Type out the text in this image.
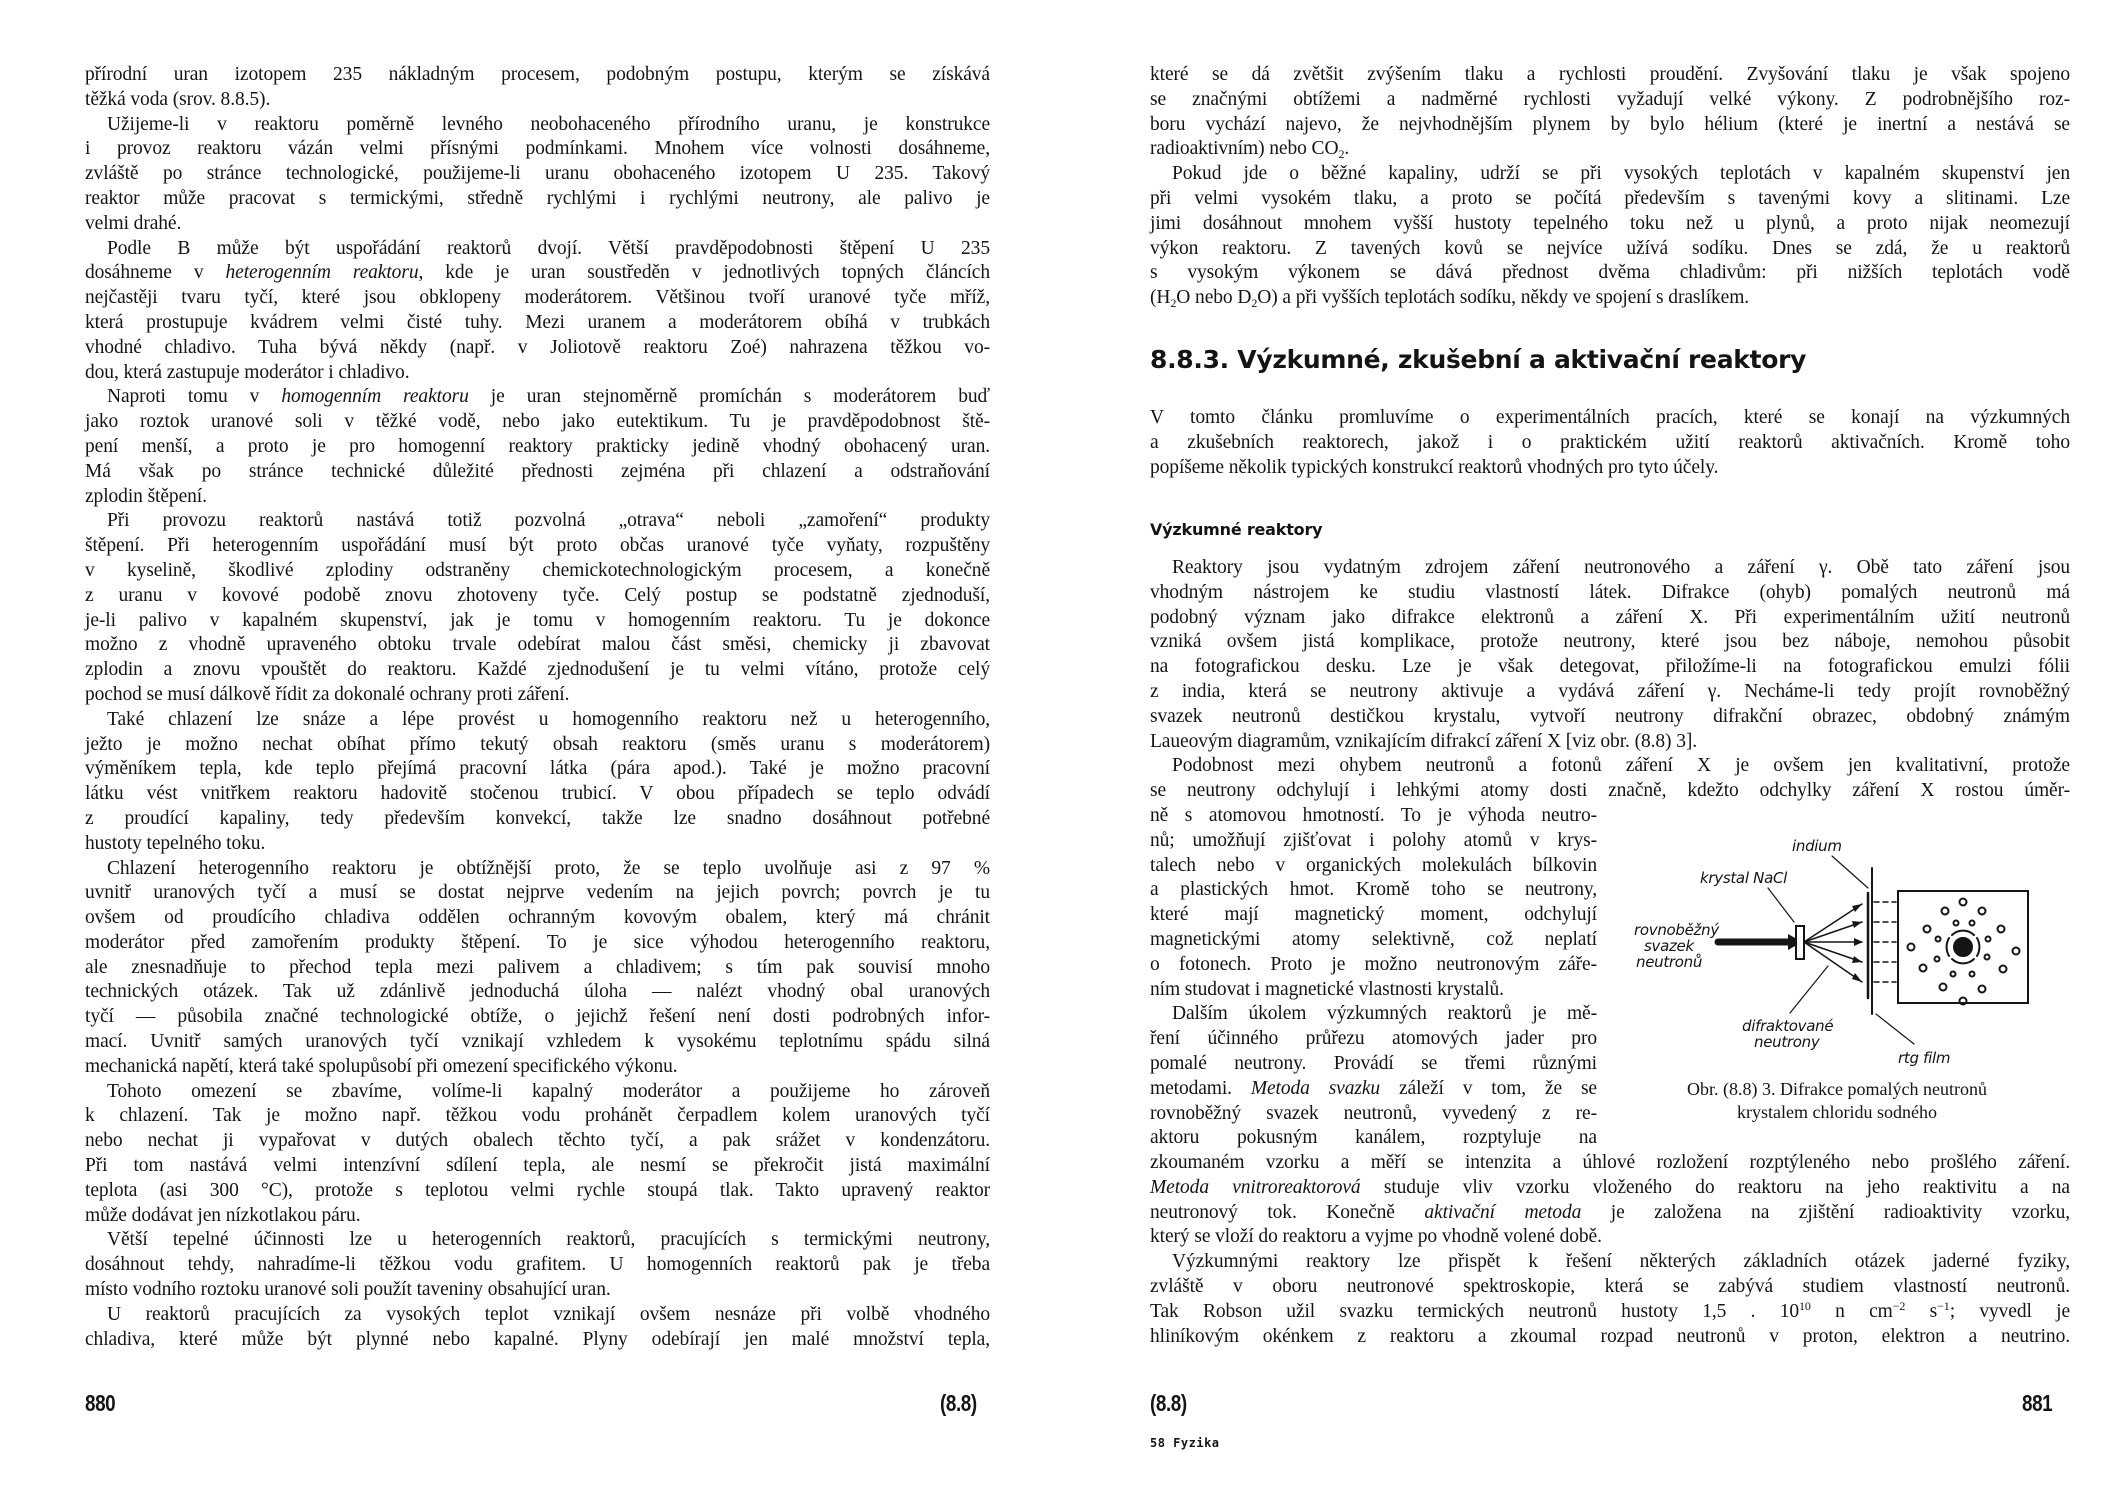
přírodní uran izotopem 235 nákladným procesem, podobným postupu, kterým se získává
těžká voda (srov. 8.8.5).
Užijeme-li v reaktoru poměrně levného neobohaceného přírodního uranu, je konstrukce
i provoz reaktoru vázán velmi přísnými podmínkami. Mnohem více volnosti dosáhneme,
zvláště po stránce technologické, použijeme-li uranu obohaceného izotopem U 235. Takový
reaktor může pracovat s termickými, středně rychlými i rychlými neutrony, ale palivo je
velmi drahé.
Podle B může být uspořádání reaktorů dvojí. Větší pravděpodobnosti štěpení U 235
dosáhneme v heterogenním reaktoru, kde je uran soustředěn v jednotlivých topných článcích
nejčastěji tvaru tyčí, které jsou obklopeny moderátorem. Většinou tvoří uranové tyče mříž,
která prostupuje kvádrem velmi čisté tuhy. Mezi uranem a moderátorem obíhá v trubkách
vhodné chladivo. Tuha bývá někdy (např. v Joliotově reaktoru Zoé) nahrazena těžkou vo-
dou, která zastupuje moderátor i chladivo.
Naproti tomu v homogenním reaktoru je uran stejnoměrně promíchán s moderátorem buď
jako roztok uranové soli v těžké vodě, nebo jako eutektikum. Tu je pravděpodobnost ště-
pení menší, a proto je pro homogenní reaktory prakticky jedině vhodný obohacený uran.
Má však po stránce technické důležité přednosti zejména při chlazení a odstraňování
zplodin štěpení.
Při provozu reaktorů nastává totiž pozvolná „otrava“ neboli „zamoření“ produkty
štěpení. Při heterogenním uspořádání musí být proto občas uranové tyče vyňaty, rozpuštěny
v kyselině, škodlivé zplodiny odstraněny chemickotechnologickým procesem, a konečně
z uranu v kovové podobě znovu zhotoveny tyče. Celý postup se podstatně zjednoduší,
je-li palivo v kapalném skupenství, jak je tomu v homogenním reaktoru. Tu je dokonce
možno z vhodně upraveného obtoku trvale odebírat malou část směsi, chemicky ji zbavovat
zplodin a znovu vpouštět do reaktoru. Každé zjednodušení je tu velmi vítáno, protože celý
pochod se musí dálkově řídit za dokonalé ochrany proti záření.
Také chlazení lze snáze a lépe provést u homogenního reaktoru než u heterogenního,
ježto je možno nechat obíhat přímo tekutý obsah reaktoru (směs uranu s moderátorem)
výměníkem tepla, kde teplo přejímá pracovní látka (pára apod.). Také je možno pracovní
látku vést vnitřkem reaktoru hadovitě stočenou trubicí. V obou případech se teplo odvádí
z proudící kapaliny, tedy především konvekcí, takže lze snadno dosáhnout potřebné
hustoty tepelného toku.
Chlazení heterogenního reaktoru je obtížnější proto, že se teplo uvolňuje asi z 97 %
uvnitř uranových tyčí a musí se dostat nejprve vedením na jejich povrch; povrch je tu
ovšem od proudícího chladiva oddělen ochranným kovovým obalem, který má chránit
moderátor před zamořením produkty štěpení. To je sice výhodou heterogenního reaktoru,
ale znesnadňuje to přechod tepla mezi palivem a chladivem; s tím pak souvisí mnoho
technických otázek. Tak už zdánlivě jednoduchá úloha — nalézt vhodný obal uranových
tyčí — působila značné technologické obtíže, o jejichž řešení není dosti podrobných infor-
mací. Uvnitř samých uranových tyčí vznikají vzhledem k vysokému teplotnímu spádu silná
mechanická napětí, která také spolupůsobí při omezení specifického výkonu.
Tohoto omezení se zbavíme, volíme-li kapalný moderátor a použijeme ho zároveň
k chlazení. Tak je možno např. těžkou vodu prohánět čerpadlem kolem uranových tyčí
nebo nechat ji vypařovat v dutých obalech těchto tyčí, a pak srážet v kondenzátoru.
Při tom nastává velmi intenzívní sdílení tepla, ale nesmí se překročit jistá maximální
teplota (asi 300 °C), protože s teplotou velmi rychle stoupá tlak. Takto upravený reaktor
může dodávat jen nízkotlakou páru.
Větší tepelné účinnosti lze u heterogenních reaktorů, pracujících s termickými neutrony,
dosáhnout tehdy, nahradíme-li těžkou vodu grafitem. U homogenních reaktorů pak je třeba
místo vodního roztoku uranové soli použít taveniny obsahující uran.
U reaktorů pracujících za vysokých teplot vznikají ovšem nesnáze při volbě vhodného
chladiva, které může být plynné nebo kapalné. Plyny odebírají jen malé množství tepla,
880	(8.8)
které se dá zvětšit zvýšením tlaku a rychlosti proudění. Zvyšování tlaku je však spojeno
se značnými obtížemi a nadměrné rychlosti vyžadují velké výkony. Z podrobnějšího roz-
boru vychází najevo, že nejvhodnějším plynem by bylo hélium (které je inertní a nestává se
radioaktivním) nebo $CO_2$.
Pokud jde o běžné kapaliny, udrží se při vysokých teplotách v kapalném skupenství jen
při velmi vysokém tlaku, a proto se počítá především s tavenými kovy a slitinami. Lze
jimi dosáhnout mnohem vyšší hustoty tepelného toku než u plynů, a proto nijak neomezují
výkon reaktoru. Z tavených kovů se nejvíce užívá sodíku. Dnes se zdá, že u reaktorů
s vysokým výkonem se dává přednost dvěma chladivům: při nižších teplotách vodě
($H_2O$ nebo $D_2O$) a při vyšších teplotách sodíku, někdy ve spojení s draslíkem.
8.8.3. Výzkumné, zkušební a aktivační reaktory
V tomto článku promluvíme o experimentálních pracích, které se konají na výzkumných
a zkušebních reaktorech, jakož i o praktickém užití reaktorů aktivačních. Kromě toho
popíšeme několik typických konstrukcí reaktorů vhodných pro tyto účely.
Výzkumné reaktory
Reaktory jsou vydatným zdrojem záření neutronového a záření γ. Obě tato záření jsou
vhodným nástrojem ke studiu vlastností látek. Difrakce (ohyb) pomalých neutronů má
podobný význam jako difrakce elektronů a záření X. Při experimentálním užití neutronů
vzniká ovšem jistá komplikace, protože neutrony, které jsou bez náboje, nemohou působit
na fotografickou desku. Lze je však detegovat, přiložíme-li na fotografickou emulzi fólii
z india, která se neutrony aktivuje a vydává záření γ. Necháme-li tedy projít rovnoběžný
svazek neutronů destičkou krystalu, vytvoří neutrony difrakční obrazec, obdobný známým
Laueovým diagramům, vznikajícím difrakcí záření X [viz obr. (8.8) 3].
Podobnost mezi ohybem neutronů a fotonů záření X je ovšem jen kvalitativní, protože
se neutrony odchylují i lehkými atomy dosti značně, kdežto odchylky záření X rostou úměr-
ně s atomovou hmotností. To je výhoda neutro-
nů; umožňují zjišťovat i polohy atomů v krys-
talech nebo v organických molekulách bílkovin
a plastických hmot. Kromě toho se neutrony,
které mají magnetický moment, odchylují
magnetickými atomy selektivně, což neplatí
o fotonech. Proto je možno neutronovým záře-
ním studovat i magnetické vlastnosti krystalů.
Dalším úkolem výzkumných reaktorů je mě-
ření účinného průřezu atomových jader pro
pomalé neutrony. Provádí se třemi různými
metodami. Metoda svazku záleží v tom, že se
rovnoběžný svazek neutronů, vyvedený z re-
aktoru pokusným kanálem, rozptyluje na
zkoumaném vzorku a měří se intenzita a úhlové rozložení rozptýleného nebo prošlého záření.
Metoda vnitroreaktorová studuje vliv vzorku vloženého do reaktoru na jeho reaktivitu a na
neutronový tok. Konečně aktivační metoda je založena na zjištění radioaktivity vzorku,
který se vloží do reaktoru a vyjme po vhodně volené době.
Výzkumnými reaktory lze přispět k řešení některých základních otázek jaderné fyziky,
zvláště v oboru neutronové spektroskopie, která se zabývá studiem vlastností neutronů.
Tak Robson užil svazku termických neutronů hustoty 1,5 . $10^{10}$ n $cm^{-2}$ $s^{-1}$; vyvedl je
hliníkovým okénkem z reaktoru a zkoumal rozpad neutronů v proton, elektron a neutrino.
(8.8)	881
58 Fyzika
indium
krystal NaCl
rovnoběžný
svazek
neutronů
difraktované
neutrony
rtg film
Obr. (8.8) 3. Difrakce pomalých neutronů
krystalem chloridu sodného
